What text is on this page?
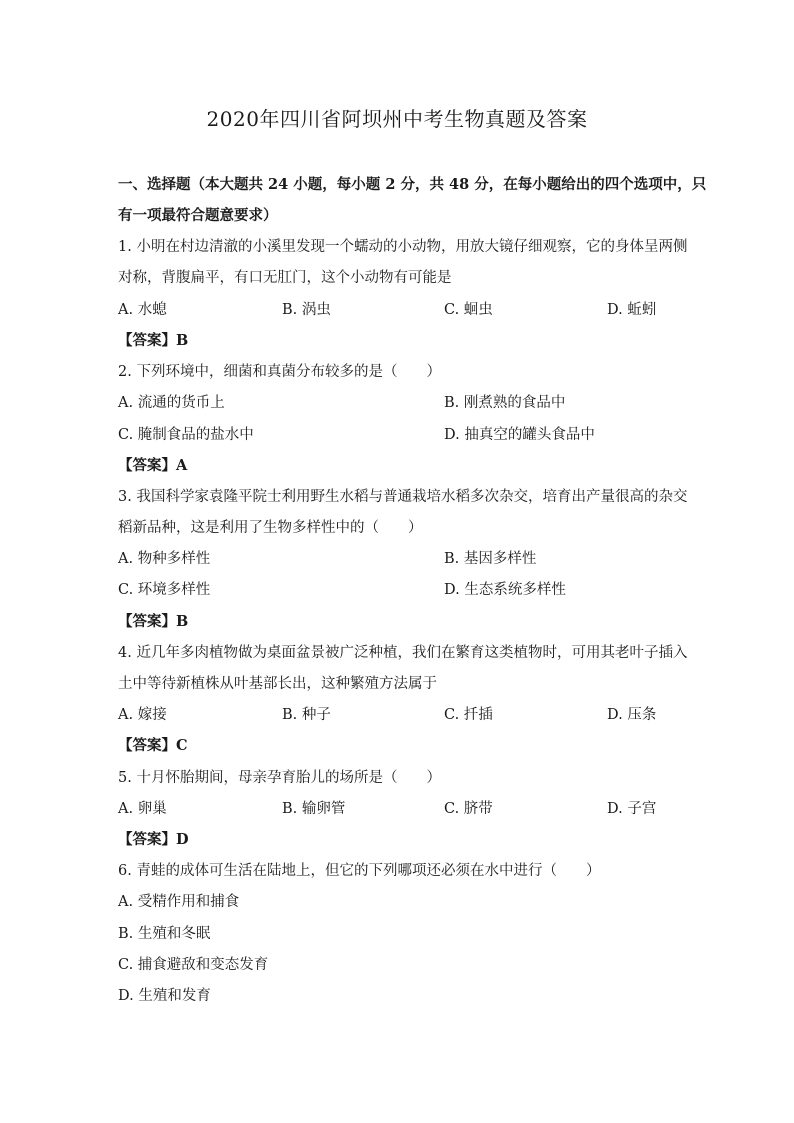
2020年四川省阿坝州中考生物真题及答案
一、选择题（本大题共 24 小题，每小题 2 分，共 48 分，在每小题给出的四个选项中，只
有一项最符合题意要求）
1. 小明在村边清澈的小溪里发现一个蠕动的小动物，用放大镜仔细观察，它的身体呈两侧
对称，背腹扁平，有口无肛门，这个小动物有可能是
A. 水螅	B. 涡虫	C. 蛔虫	D. 蚯蚓
【答案】B
2. 下列环境中，细菌和真菌分布较多的是（　　）
A. 流通的货币上	B. 刚煮熟的食品中
C. 腌制食品的盐水中	D. 抽真空的罐头食品中
【答案】A
3. 我国科学家袁隆平院士利用野生水稻与普通栽培水稻多次杂交，培育出产量很高的杂交
稻新品种，这是利用了生物多样性中的（　　）
A. 物种多样性	B. 基因多样性
C. 环境多样性	D. 生态系统多样性
【答案】B
4. 近几年多肉植物做为桌面盆景被广泛种植，我们在繁育这类植物时，可用其老叶子插入
土中等待新植株从叶基部长出，这种繁殖方法属于
A. 嫁接	B. 种子	C. 扦插	D. 压条
【答案】C
5. 十月怀胎期间，母亲孕育胎儿的场所是（　　）
A. 卵巢	B. 输卵管	C. 脐带	D. 子宫
【答案】D
6. 青蛙的成体可生活在陆地上，但它的下列哪项还必须在水中进行（　　）
A. 受精作用和捕食
B. 生殖和冬眠
C. 捕食避敌和变态发育
D. 生殖和发育
